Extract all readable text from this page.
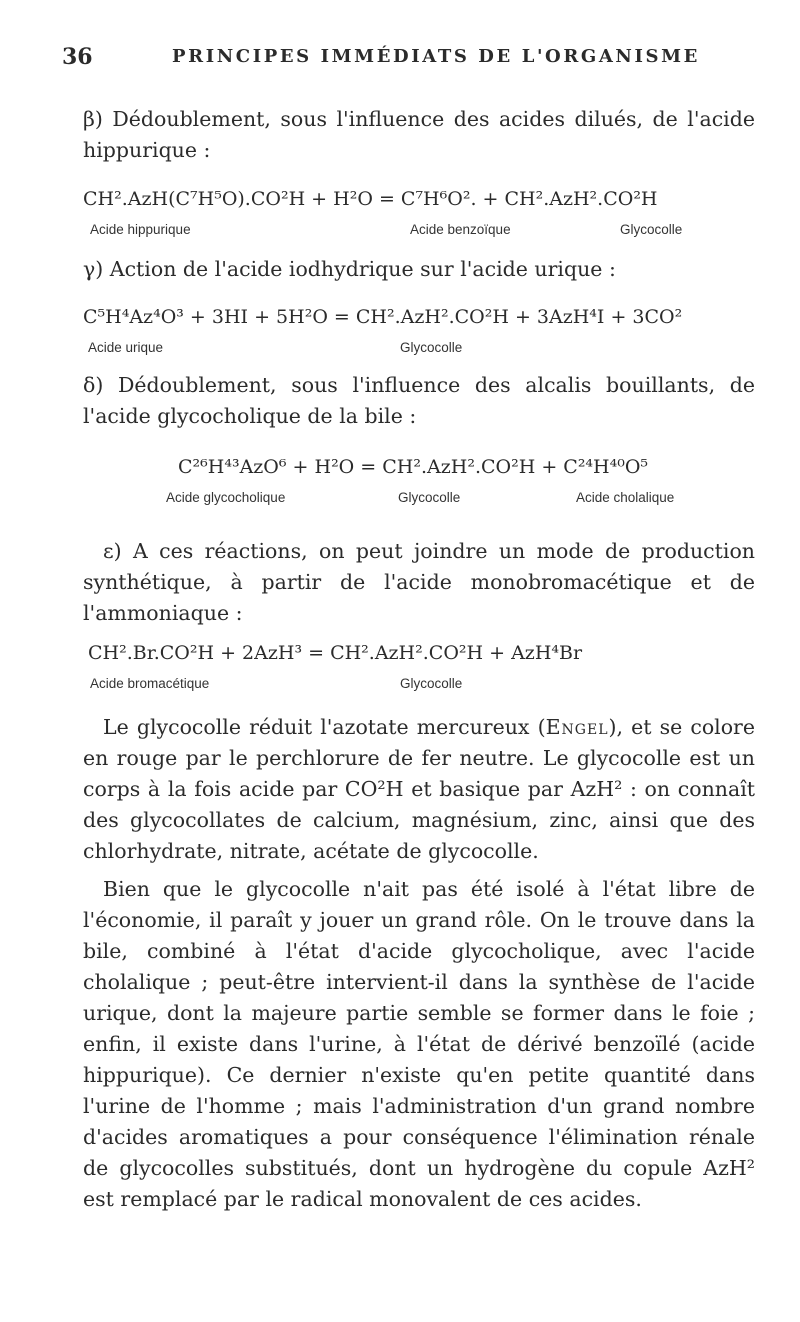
36	PRINCIPES IMMÉDIATS DE L'ORGANISME
β) Dédoublement, sous l'influence des acides dilués, de l'acide hippurique :
CH².AzH(C⁷H⁵O).CO²H + H²O = C⁷H⁶O². + CH².AzH².CO²H
Acide hippurique	Acide benzoïque	Glycocolle
γ) Action de l'acide iodhydrique sur l'acide urique :
C⁵H⁴Az⁴O³ + 3HI + 5H²O = CH².AzH².CO²H + 3AzH⁴I + 3CO²
Acide urique	Glycocolle
δ) Dédoublement, sous l'influence des alcalis bouillants, de l'acide glycocholique de la bile :
C²⁶H⁴³AzO⁶ + H²O = CH².AzH².CO²H + C²⁴H⁴⁰O⁵
Acide glycocholique	Glycocolle	Acide cholalique
ε) A ces réactions, on peut joindre un mode de production synthétique, à partir de l'acide monobromacétique et de l'ammoniaque :
CH².Br.CO²H + 2AzH³ = CH².AzH².CO²H + AzH⁴Br
Acide bromacétique	Glycocolle
Le glycocolle réduit l'azotate mercureux (Engel), et se colore en rouge par le perchlorure de fer neutre. Le glycocolle est un corps à la fois acide par CO²H et basique par AzH² : on connaît des glycocollates de calcium, magnésium, zinc, ainsi que des chlorhydrate, nitrate, acétate de glycocolle.
Bien que le glycocolle n'ait pas été isolé à l'état libre de l'économie, il paraît y jouer un grand rôle. On le trouve dans la bile, combiné à l'état d'acide glycocholique, avec l'acide cholalique ; peut-être intervient-il dans la synthèse de l'acide urique, dont la majeure partie semble se former dans le foie ; enfin, il existe dans l'urine, à l'état de dérivé benzoïlé (acide hippurique). Ce dernier n'existe qu'en petite quantité dans l'urine de l'homme ; mais l'administration d'un grand nombre d'acides aromatiques a pour conséquence l'élimination rénale de glycocolles substitués, dont un hydrogène du copule AzH² est remplacé par le radical monovalent de ces acides.
